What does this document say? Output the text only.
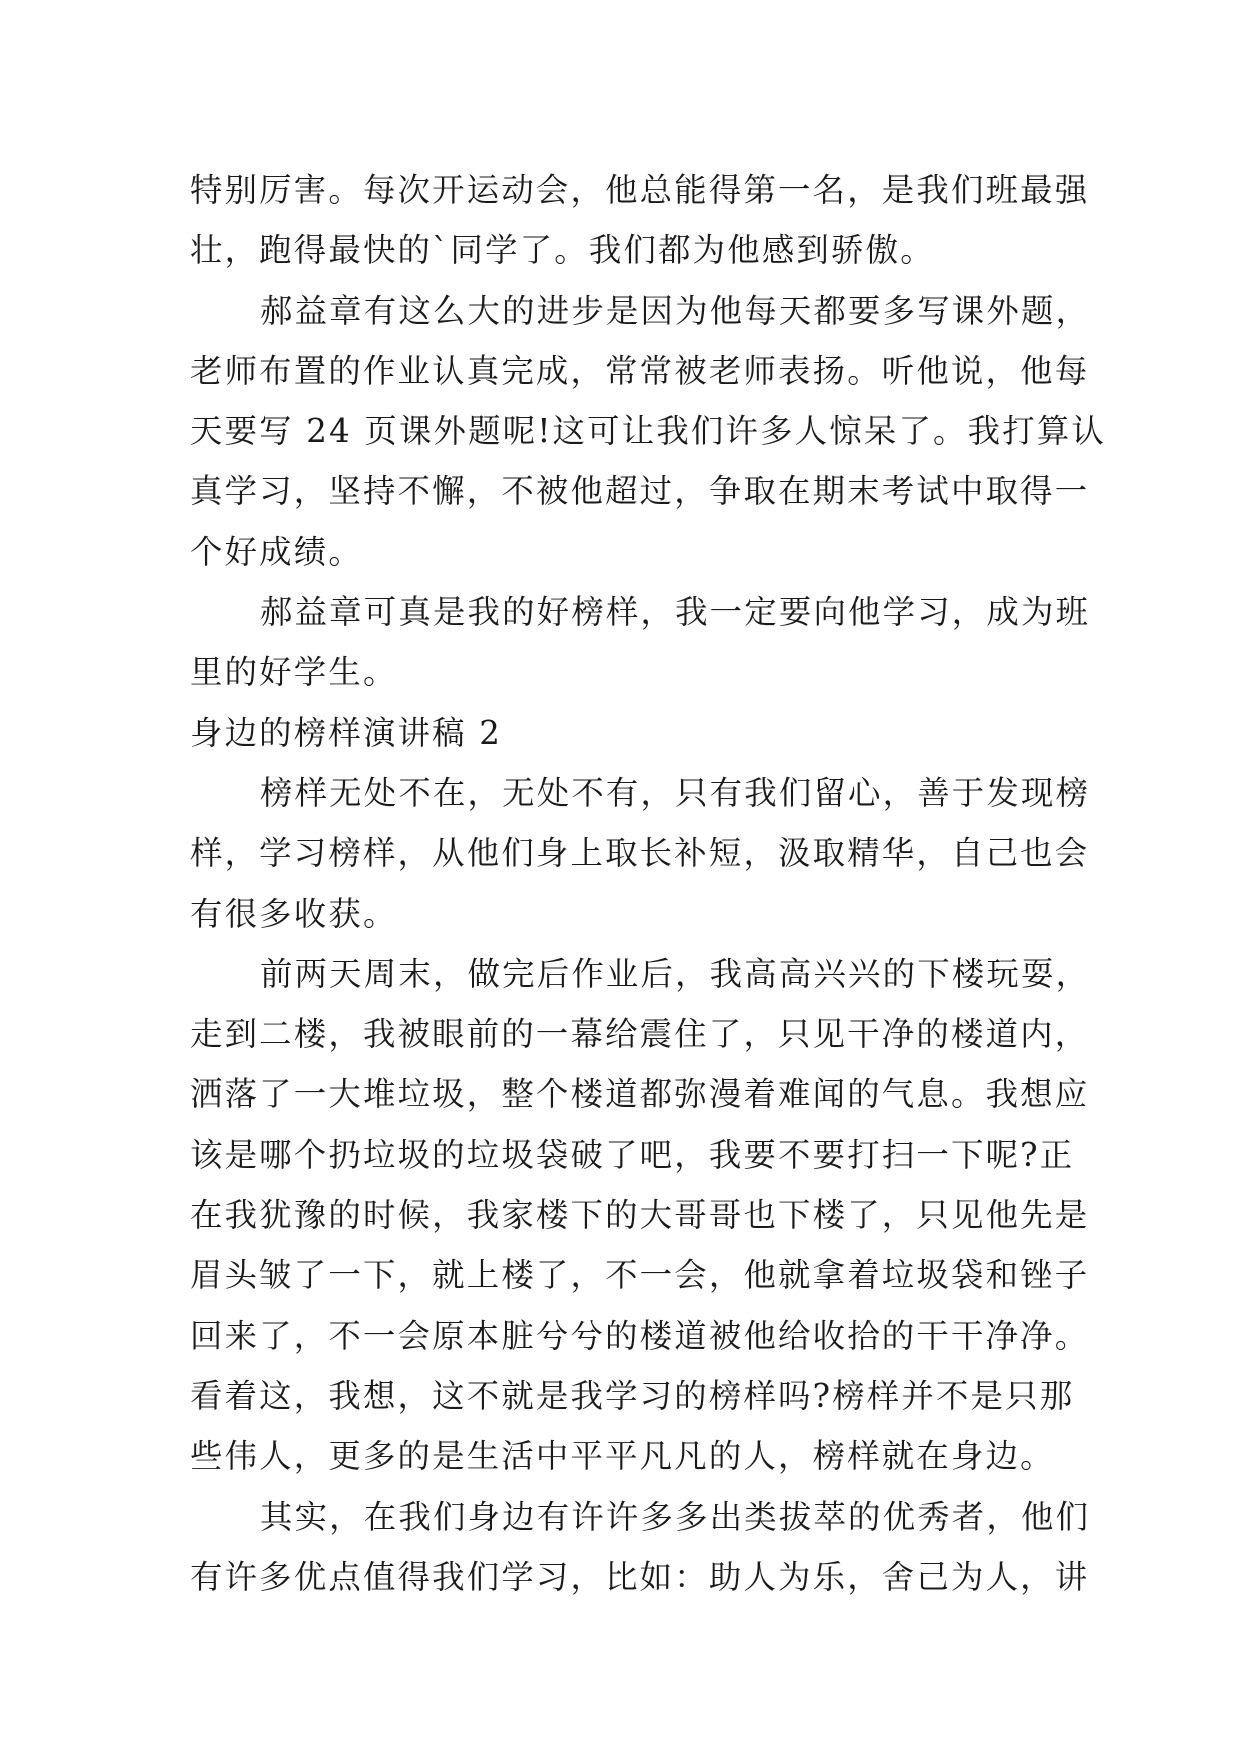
特别厉害。每次开运动会，他总能得第一名，是我们班最强
壮，跑得最快的`同学了。我们都为他感到骄傲。
郝益章有这么大的进步是因为他每天都要多写课外题，
老师布置的作业认真完成，常常被老师表扬。听他说，他每
天要写 24 页课外题呢!这可让我们许多人惊呆了。我打算认
真学习，坚持不懈，不被他超过，争取在期末考试中取得一
个好成绩。
郝益章可真是我的好榜样，我一定要向他学习，成为班
里的好学生。
身边的榜样演讲稿 2
榜样无处不在，无处不有，只有我们留心，善于发现榜
样，学习榜样，从他们身上取长补短，汲取精华，自己也会
有很多收获。
前两天周末，做完后作业后，我高高兴兴的下楼玩耍，
走到二楼，我被眼前的一幕给震住了，只见干净的楼道内，
洒落了一大堆垃圾，整个楼道都弥漫着难闻的气息。我想应
该是哪个扔垃圾的垃圾袋破了吧，我要不要打扫一下呢?正
在我犹豫的时候，我家楼下的大哥哥也下楼了，只见他先是
眉头皱了一下，就上楼了，不一会，他就拿着垃圾袋和锉子
回来了，不一会原本脏兮兮的楼道被他给收拾的干干净净。
看着这，我想，这不就是我学习的榜样吗?榜样并不是只那
些伟人，更多的是生活中平平凡凡的人，榜样就在身边。
其实，在我们身边有许许多多出类拔萃的优秀者，他们
有许多优点值得我们学习，比如：助人为乐，舍己为人，讲
